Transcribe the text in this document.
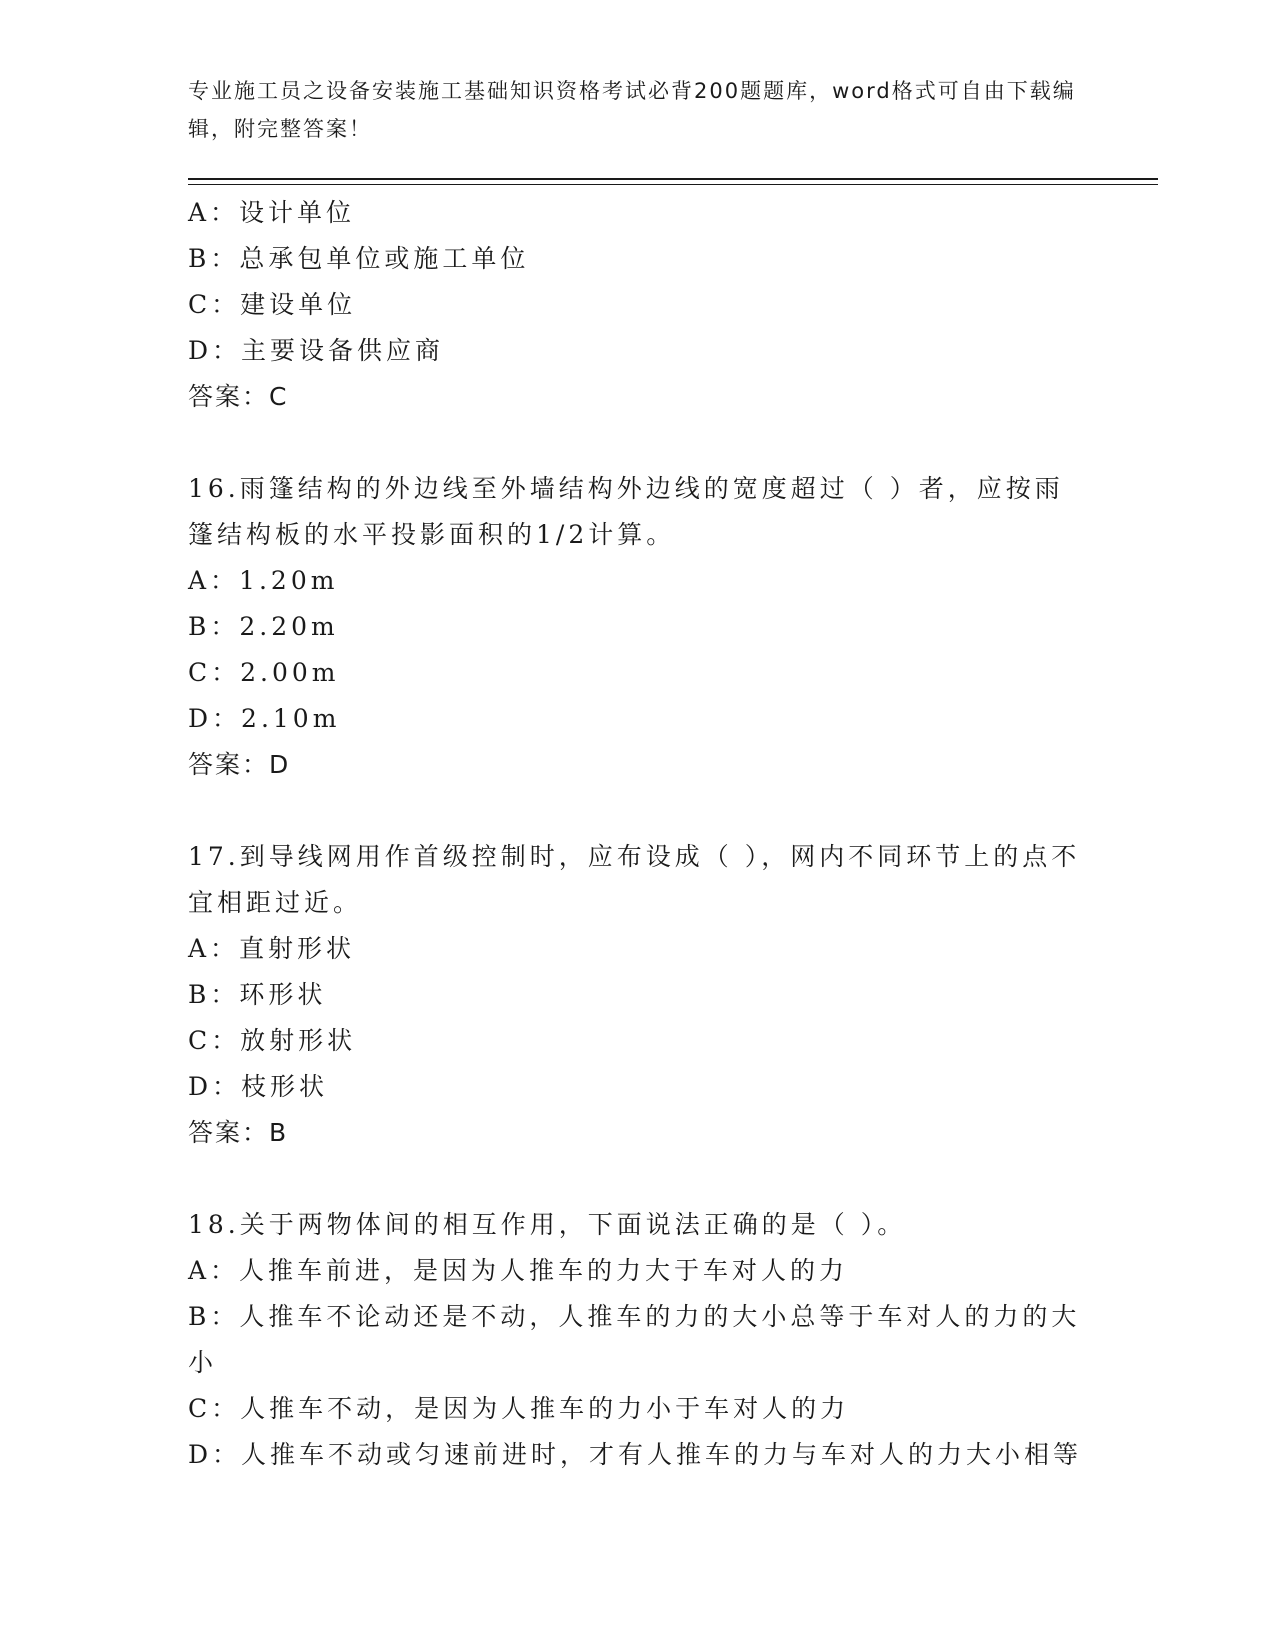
专业施工员之设备安装施工基础知识资格考试必背200题题库，word格式可自由下载编辑，附完整答案！
A：设计单位
B：总承包单位或施工单位
C：建设单位
D：主要设备供应商
答案：C
16.雨篷结构的外边线至外墙结构外边线的宽度超过（ ）者，应按雨篷结构板的水平投影面积的1/2计算。
A：1.20m
B：2.20m
C：2.00m
D：2.10m
答案：D
17.到导线网用作首级控制时，应布设成（ ），网内不同环节上的点不宜相距过近。
A：直射形状
B：环形状
C：放射形状
D：枝形状
答案：B
18.关于两物体间的相互作用，下面说法正确的是（ ）。
A：人推车前进，是因为人推车的力大于车对人的力
B：人推车不论动还是不动，人推车的力的大小总等于车对人的力的大小
C：人推车不动，是因为人推车的力小于车对人的力
D：人推车不动或匀速前进时，才有人推车的力与车对人的力大小相等
